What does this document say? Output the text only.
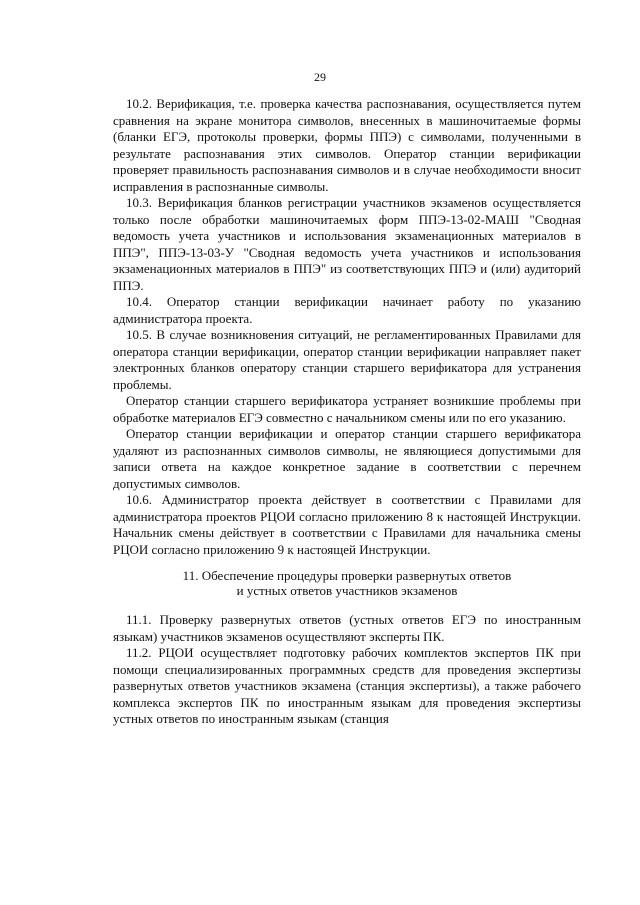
29

10.2. Верификация, т.е. проверка качества распознавания, осуществляется путем сравнения на экране монитора символов, внесенных в машиночитаемые формы (бланки ЕГЭ, протоколы проверки, формы ППЭ) с символами, полученными в результате распознавания этих символов. Оператор станции верификации проверяет правильность распознавания символов и в случае необходимости вносит исправления в распознанные символы.

10.3. Верификация бланков регистрации участников экзаменов осуществляется только после обработки машиночитаемых форм ППЭ-13-02-МАШ "Сводная ведомость учета участников и использования экзаменационных материалов в ППЭ", ППЭ-13-03-У "Сводная ведомость учета участников и использования экзаменационных материалов в ППЭ" из соответствующих ППЭ и (или) аудиторий ППЭ.

10.4. Оператор станции верификации начинает работу по указанию администратора проекта.

10.5. В случае возникновения ситуаций, не регламентированных Правилами для оператора станции верификации, оператор станции верификации направляет пакет электронных бланков оператору станции старшего верификатора для устранения проблемы.

Оператор станции старшего верификатора устраняет возникшие проблемы при обработке материалов ЕГЭ совместно с начальником смены или по его указанию.

Оператор станции верификации и оператор станции старшего верификатора удаляют из распознанных символов символы, не являющиеся допустимыми для записи ответа на каждое конкретное задание в соответствии с перечнем допустимых символов.

10.6. Администратор проекта действует в соответствии с Правилами для администратора проектов РЦОИ согласно приложению 8 к настоящей Инструкции. Начальник смены действует в соответствии с Правилами для начальника смены РЦОИ согласно приложению 9 к настоящей Инструкции.

11. Обеспечение процедуры проверки развернутых ответов
и устных ответов участников экзаменов

11.1. Проверку развернутых ответов (устных ответов ЕГЭ по иностранным языкам) участников экзаменов осуществляют эксперты ПК.

11.2. РЦОИ осуществляет подготовку рабочих комплектов экспертов ПК при помощи специализированных программных средств для проведения экспертизы развернутых ответов участников экзамена (станция экспертизы), а также рабочего комплекса экспертов ПК по иностранным языкам для проведения экспертизы устных ответов по иностранным языкам (станция
